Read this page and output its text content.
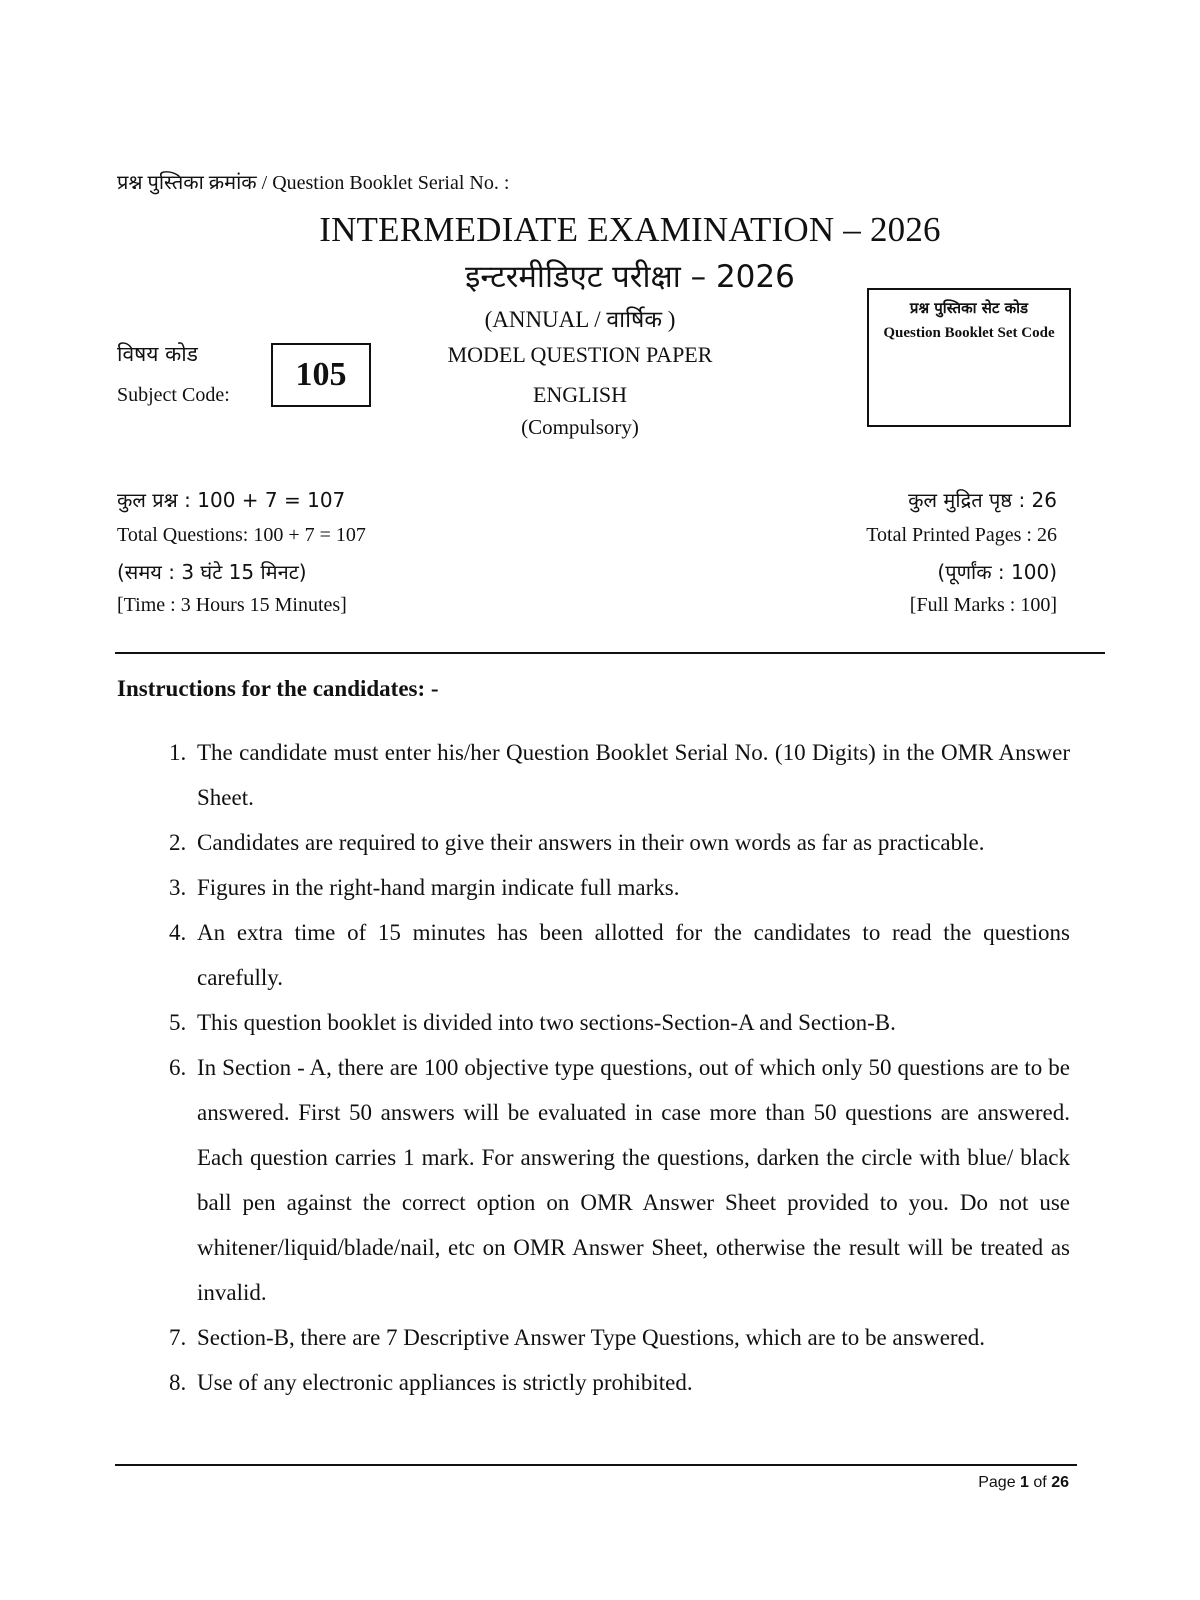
प्रश्न पुस्तिका क्रमांक / Question Booklet Serial No. :
INTERMEDIATE EXAMINATION – 2026
इन्टरमीडिएट परीक्षा – 2026
(ANNUAL / वार्षिक )
MODEL QUESTION PAPER
ENGLISH
(Compulsory)
विषय कोड
Subject Code:
105
प्रश्न पुस्तिका सेट कोड
Question Booklet Set Code
कुल प्रश्न : 100 + 7 = 107
Total Questions: 100 + 7 = 107
(समय : 3 घंटे 15 मिनट)
[Time : 3 Hours 15 Minutes]
कुल मुद्रित पृष्ठ : 26
Total Printed Pages : 26
(पूर्णांक : 100)
[Full Marks : 100]
Instructions for the candidates: -
1. The candidate must enter his/her Question Booklet Serial No. (10 Digits) in the OMR Answer Sheet.
2. Candidates are required to give their answers in their own words as far as practicable.
3. Figures in the right-hand margin indicate full marks.
4. An extra time of 15 minutes has been allotted for the candidates to read the questions carefully.
5. This question booklet is divided into two sections-Section-A and Section-B.
6. In Section - A, there are 100 objective type questions, out of which only 50 questions are to be answered. First 50 answers will be evaluated in case more than 50 questions are answered. Each question carries 1 mark. For answering the questions, darken the circle with blue/ black ball pen against the correct option on OMR Answer Sheet provided to you. Do not use whitener/liquid/blade/nail, etc on OMR Answer Sheet, otherwise the result will be treated as invalid.
7. Section-B, there are 7 Descriptive Answer Type Questions, which are to be answered.
8. Use of any electronic appliances is strictly prohibited.
Page 1 of 26
